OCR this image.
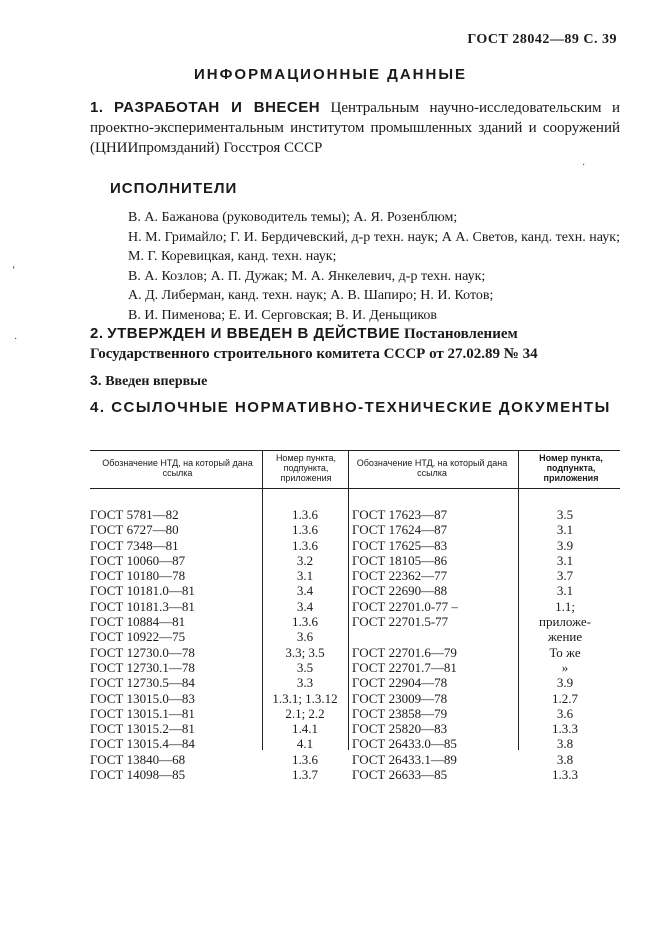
ГОСТ 28042—89 С. 39
ИНФОРМАЦИОННЫЕ ДАННЫЕ
1. РАЗРАБОТАН И ВНЕСЕН Центральным научно-исследовательским и проектно-экспериментальным институтом промышленных зданий и сооружений (ЦНИИпромзданий) Госстроя СССР
ИСПОЛНИТЕЛИ
В. А. Бажанова (руководитель темы); А. Я. Розенблюм;
Н. М. Гримайло; Г. И. Бердичевский, д-р техн. наук; А А. Светов, канд. техн. наук; М. Г. Коревицкая, канд. техн. наук;
В. А. Козлов; А. П. Дужак; М. А. Янкелевич, д-р техн. наук;
А. Д. Либерман, канд. техн. наук; А. В. Шапиро; Н. И. Котов;
В. И. Пименова; Е. И. Серговская; В. И. Деньщиков
2. УТВЕРЖДЕН И ВВЕДЕН В ДЕЙСТВИЕ Постановлением Государственного строительного комитета СССР от 27.02.89 № 34
3. Введен впервые
4. ССЫЛОЧНЫЕ НОРМАТИВНО-ТЕХНИЧЕСКИЕ ДОКУМЕНТЫ
Обозначение НТД, на который дана ссылка
Номер пункта, подпункта, приложения
Обозначение НТД, на который дана ссылка
Номер пункта, подпункта, приложения
ГОСТ 5781—82
ГОСТ 6727—80
ГОСТ 7348—81
ГОСТ 10060—87
ГОСТ 10180—78
ГОСТ 10181.0—81
ГОСТ 10181.3—81
ГОСТ 10884—81
ГОСТ 10922—75
ГОСТ 12730.0—78
ГОСТ 12730.1—78
ГОСТ 12730.5—84
ГОСТ 13015.0—83
ГОСТ 13015.1—81
ГОСТ 13015.2—81
ГОСТ 13015.4—84
ГОСТ 13840—68
ГОСТ 14098—85
1.3.6
1.3.6
1.3.6
3.2
3.1
3.4
3.4
1.3.6
3.6
3.3; 3.5
3.5
3.3
1.3.1; 1.3.12
2.1; 2.2
1.4.1
4.1
1.3.6
1.3.7
ГОСТ 17623—87
ГОСТ 17624—87
ГОСТ 17625—83
ГОСТ 18105—86
ГОСТ 22362—77
ГОСТ 22690—88
ГОСТ 22701.0-77 –
ГОСТ 22701.5-77
ГОСТ 22701.6—79
ГОСТ 22701.7—81
ГОСТ 22904—78
ГОСТ 23009—78
ГОСТ 23858—79
ГОСТ 25820—83
ГОСТ 26433.0—85
ГОСТ 26433.1—89
ГОСТ 26633—85
3.5
3.1
3.9
3.1
3.7
3.1
1.1;
приложе-
жение
То же
»
3.9
1.2.7
3.6
1.3.3
3.8
3.8
1.3.3
ʻ
·
·
